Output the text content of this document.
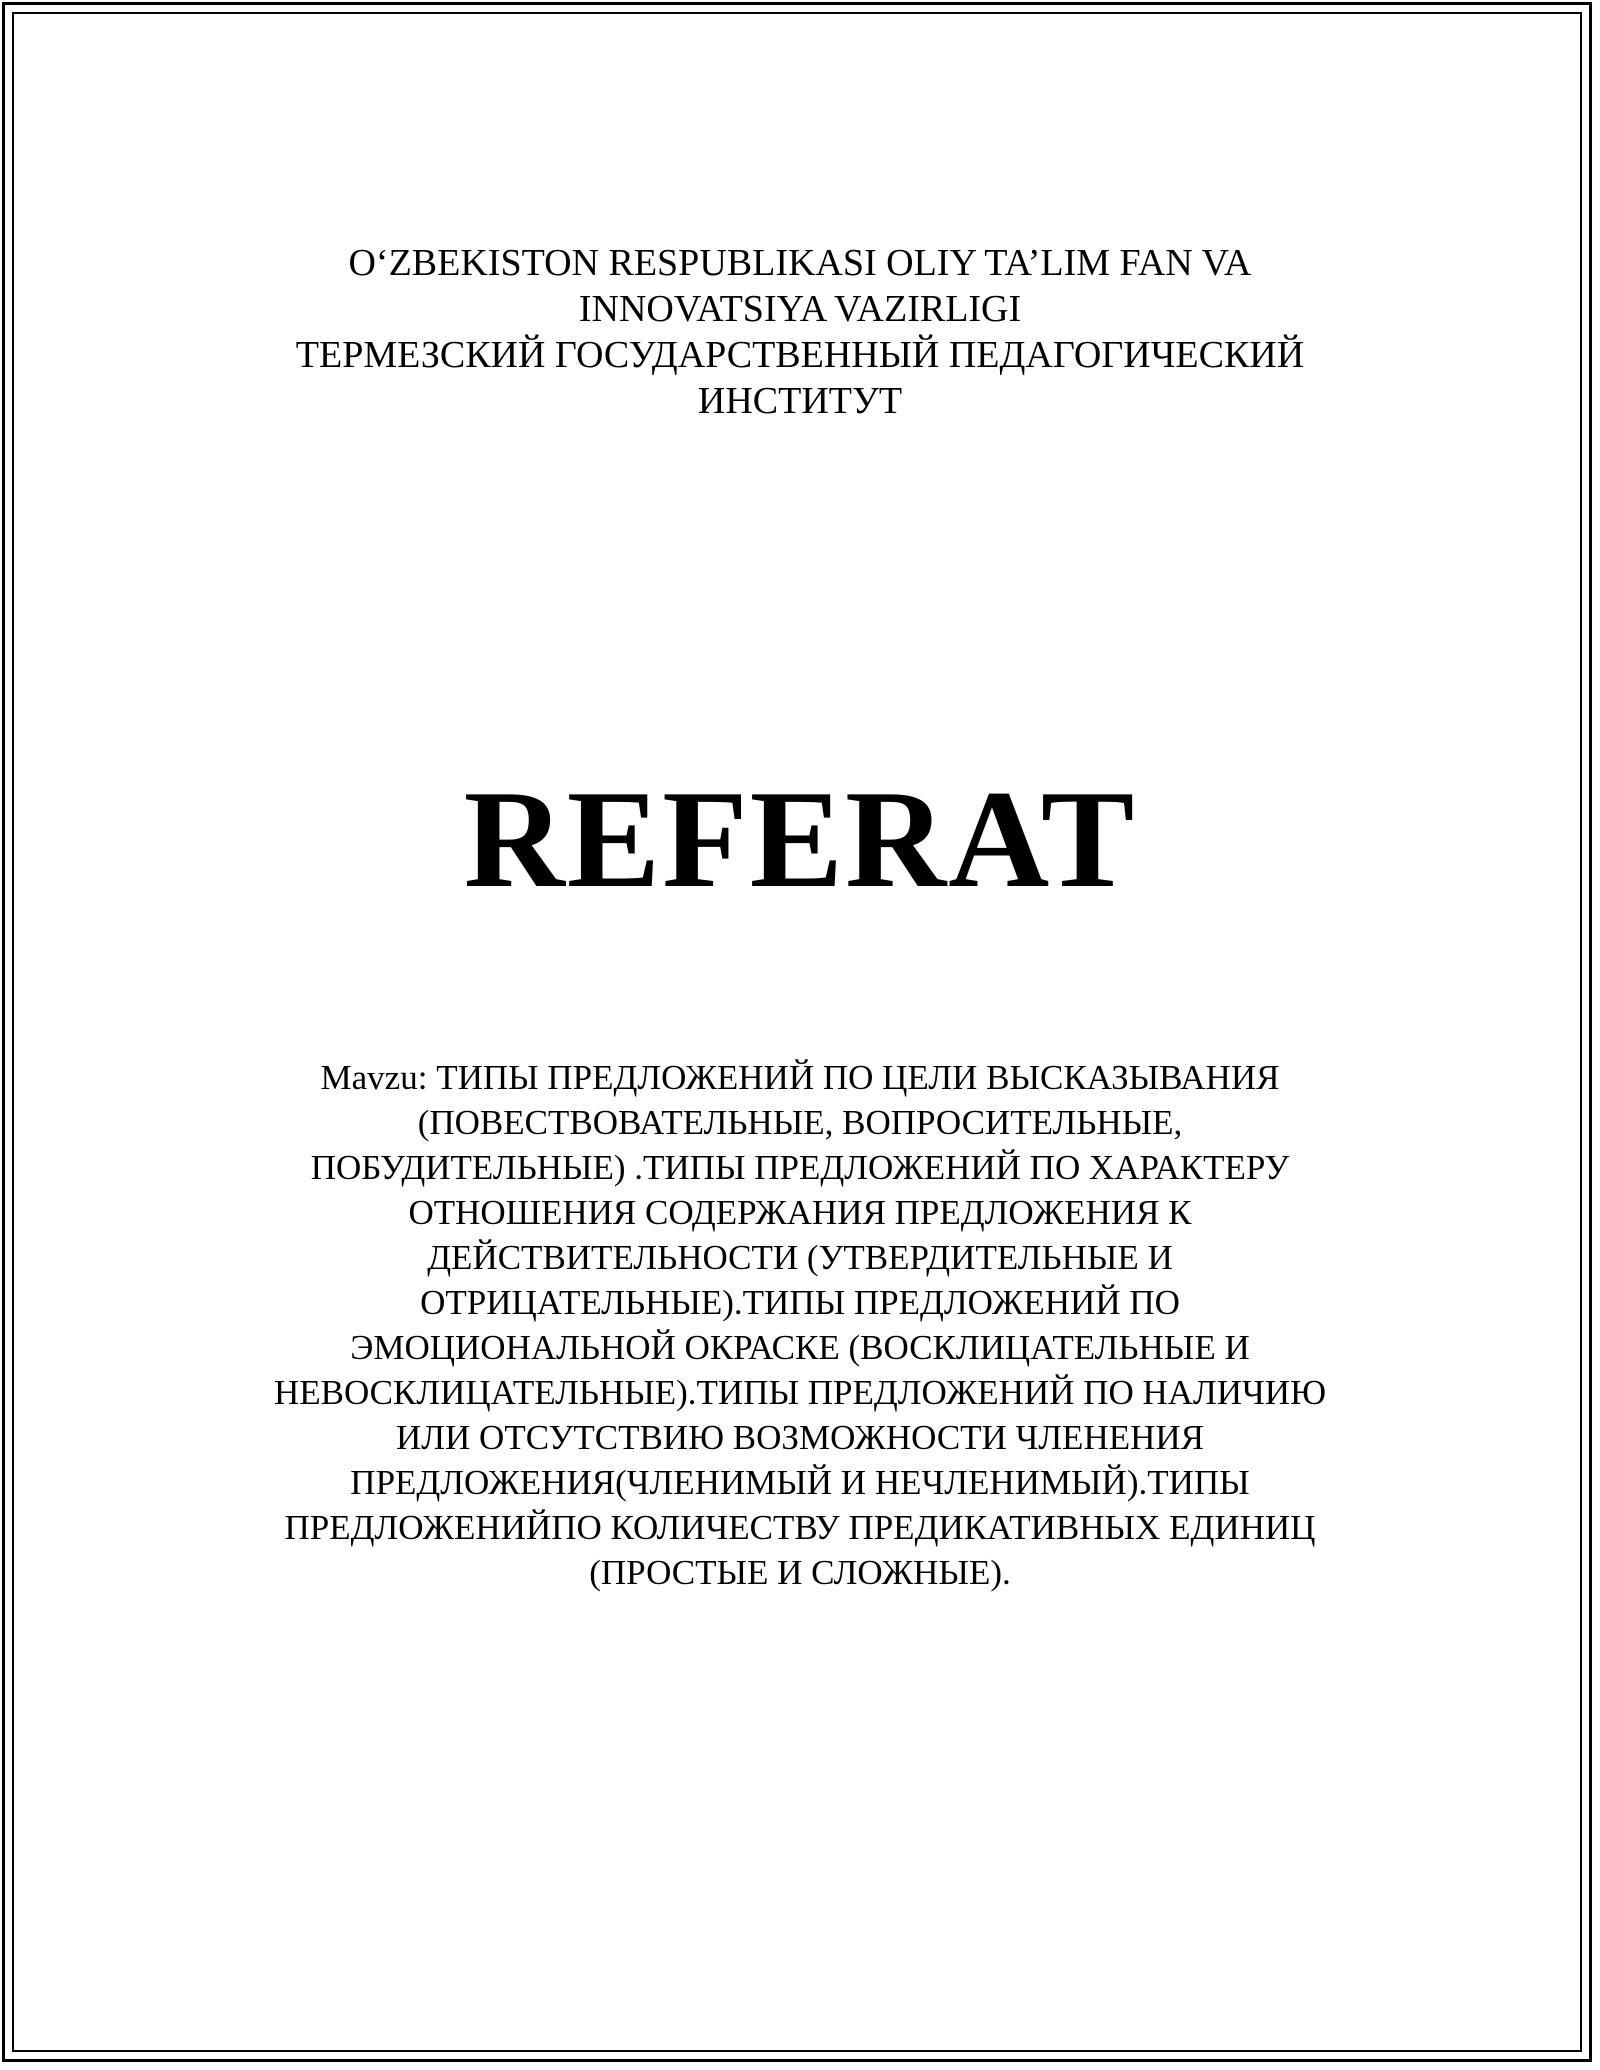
O‘ZBEKISTON RESPUBLIKASI OLIY TA’LIM FAN VA
INNOVATSIYA VAZIRLIGI
ТЕРМЕЗСКИЙ ГОСУДАРСТВЕННЫЙ ПЕДАГОГИЧЕСКИЙ
ИНСТИТУТ
REFERAT
Mavzu: ТИПЫ ПРЕДЛОЖЕНИЙ ПО ЦЕЛИ ВЫСКАЗЫВАНИЯ
(ПОВЕСТВОВАТЕЛЬНЫЕ, ВОПРОСИТЕЛЬНЫЕ,
ПОБУДИТЕЛЬНЫЕ) .ТИПЫ ПРЕДЛОЖЕНИЙ ПО ХАРАКТЕРУ
ОТНОШЕНИЯ СОДЕРЖАНИЯ ПРЕДЛОЖЕНИЯ К
ДЕЙСТВИТЕЛЬНОСТИ (УТВЕРДИТЕЛЬНЫЕ И
ОТРИЦАТЕЛЬНЫЕ).ТИПЫ ПРЕДЛОЖЕНИЙ ПО
ЭМОЦИОНАЛЬНОЙ ОКРАСКЕ (ВОСКЛИЦАТЕЛЬНЫЕ И
НЕВОСКЛИЦАТЕЛЬНЫЕ).ТИПЫ ПРЕДЛОЖЕНИЙ ПО НАЛИЧИЮ
ИЛИ ОТСУТСТВИЮ ВОЗМОЖНОСТИ ЧЛЕНЕНИЯ
ПРЕДЛОЖЕНИЯ(ЧЛЕНИМЫЙ И НЕЧЛЕНИМЫЙ).ТИПЫ
ПРЕДЛОЖЕНИЙПО КОЛИЧЕСТВУ ПРЕДИКАТИВНЫХ ЕДИНИЦ
(ПРОСТЫЕ И СЛОЖНЫЕ).
